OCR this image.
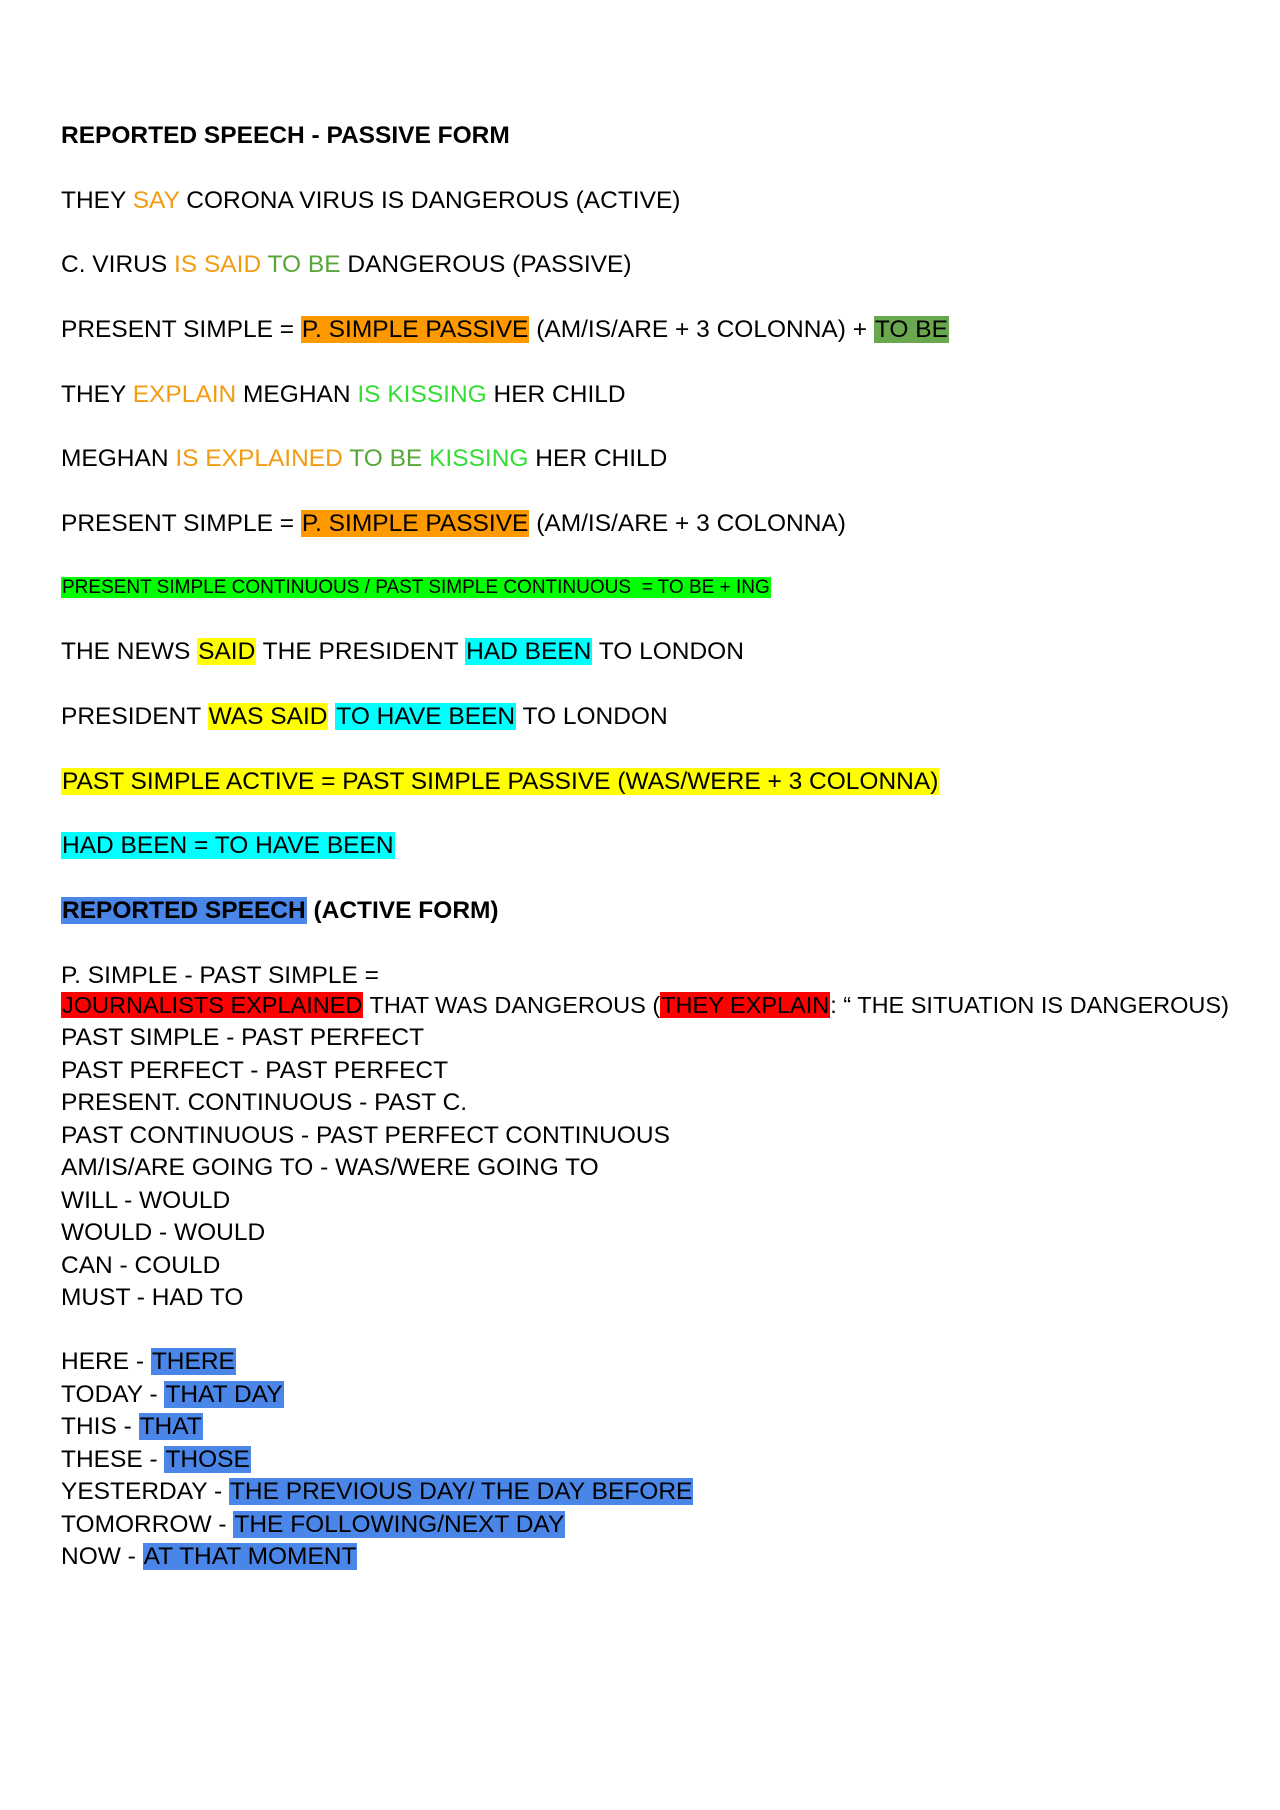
REPORTED SPEECH - PASSIVE FORM

THEY SAY CORONA VIRUS IS DANGEROUS (ACTIVE)

C. VIRUS IS SAID TO BE DANGEROUS (PASSIVE)

PRESENT SIMPLE = P. SIMPLE PASSIVE (AM/IS/ARE + 3 COLONNA) + TO BE

THEY EXPLAIN MEGHAN IS KISSING HER CHILD

MEGHAN IS EXPLAINED TO BE KISSING HER CHILD

PRESENT SIMPLE = P. SIMPLE PASSIVE (AM/IS/ARE + 3 COLONNA)

PRESENT SIMPLE CONTINUOUS / PAST SIMPLE CONTINUOUS  = TO BE + ING

THE NEWS SAID THE PRESIDENT HAD BEEN TO LONDON

PRESIDENT WAS SAID TO HAVE BEEN TO LONDON

PAST SIMPLE ACTIVE = PAST SIMPLE PASSIVE (WAS/WERE + 3 COLONNA)

HAD BEEN = TO HAVE BEEN

REPORTED SPEECH (ACTIVE FORM)

P. SIMPLE - PAST SIMPLE =

JOURNALISTS EXPLAINED THAT WAS DANGEROUS (THEY EXPLAIN: “ THE SITUATION IS DANGEROUS)

PAST SIMPLE - PAST PERFECT

PAST PERFECT - PAST PERFECT

PRESENT. CONTINUOUS - PAST C.

PAST CONTINUOUS - PAST PERFECT CONTINUOUS

AM/IS/ARE GOING TO - WAS/WERE GOING TO

WILL - WOULD

WOULD - WOULD

CAN - COULD

MUST - HAD TO

HERE - THERE

TODAY - THAT DAY

THIS - THAT

THESE - THOSE

YESTERDAY - THE PREVIOUS DAY/ THE DAY BEFORE

TOMORROW - THE FOLLOWING/NEXT DAY

NOW - AT THAT MOMENT
